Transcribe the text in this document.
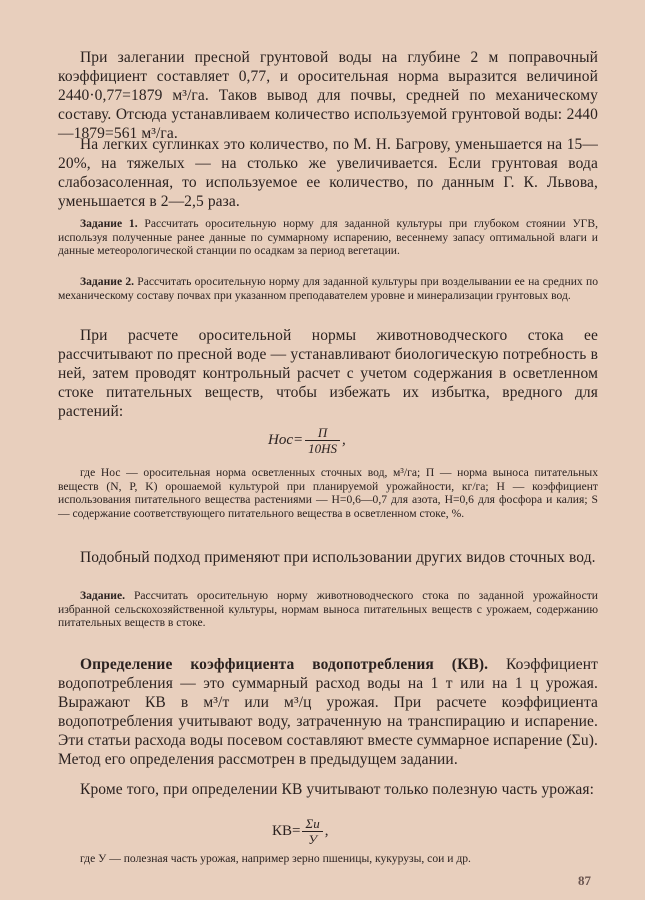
При залегании пресной грунтовой воды на глубине 2 м поправочный коэффициент составляет 0,77, и оросительная норма выразится величиной 2440·0,77=1879 м³/га. Таков вывод для почвы, средней по механическому составу. Отсюда устанавливаем количество используемой грунтовой воды: 2440—1879=561 м³/га.

На легких суглинках это количество, по М. Н. Багрову, уменьшается на 15—20%, на тяжелых — на столько же увеличивается. Если грунтовая вода слабозасоленная, то используемое ее количество, по данным Г. К. Львова, уменьшается в 2—2,5 раза.

Задание 1. Рассчитать оросительную норму для заданной культуры при глубоком стоянии УГВ, используя полученные ранее данные по суммарному испарению, весеннему запасу оптимальной влаги и данные метеорологической станции по осадкам за период вегетации.

Задание 2. Рассчитать оросительную норму для заданной культуры при возделывании ее на средних по механическому составу почвах при указанном преподавателем уровне и минерализации грунтовых вод.

При расчете оросительной нормы животноводческого стока ее рассчитывают по пресной воде — устанавливают биологическую потребность в ней, затем проводят контрольный расчет с учетом содержания в осветленном стоке питательных веществ, чтобы избежать их избытка, вредного для растений:

$Нос= \frac{П}{10HS}$ ,

где Нос — оросительная норма осветленных сточных вод, м³/га; П — норма выноса питательных веществ (N, P, K) орошаемой культурой при планируемой урожайности, кг/га; Н — коэффициент использования питательного вещества растениями — Н=0,6—0,7 для азота, Н=0,6 для фосфора и калия; S — содержание соответствующего питательного вещества в осветленном стоке, %.

Подобный подход применяют при использовании других видов сточных вод.

Задание. Рассчитать оросительную норму животноводческого стока по заданной урожайности избранной сельскохозяйственной культуры, нормам выноса питательных веществ с урожаем, содержанию питательных веществ в стоке.

Определение коэффициента водопотребления (КВ). Коэффициент водопотребления — это суммарный расход воды на 1 т или на 1 ц урожая. Выражают КВ в м³/т или м³/ц урожая. При расчете коэффициента водопотребления учитывают воду, затраченную на транспирацию и испарение. Эти статьи расхода воды посевом составляют вместе суммарное испарение (Σu). Метод его определения рассмотрен в предыдущем задании.

Кроме того, при определении КВ учитывают только полезную часть урожая:

$КВ= \frac{\Sigma u}{У}$ ,

где У — полезная часть урожая, например зерно пшеницы, кукурузы, сои и др.

87
